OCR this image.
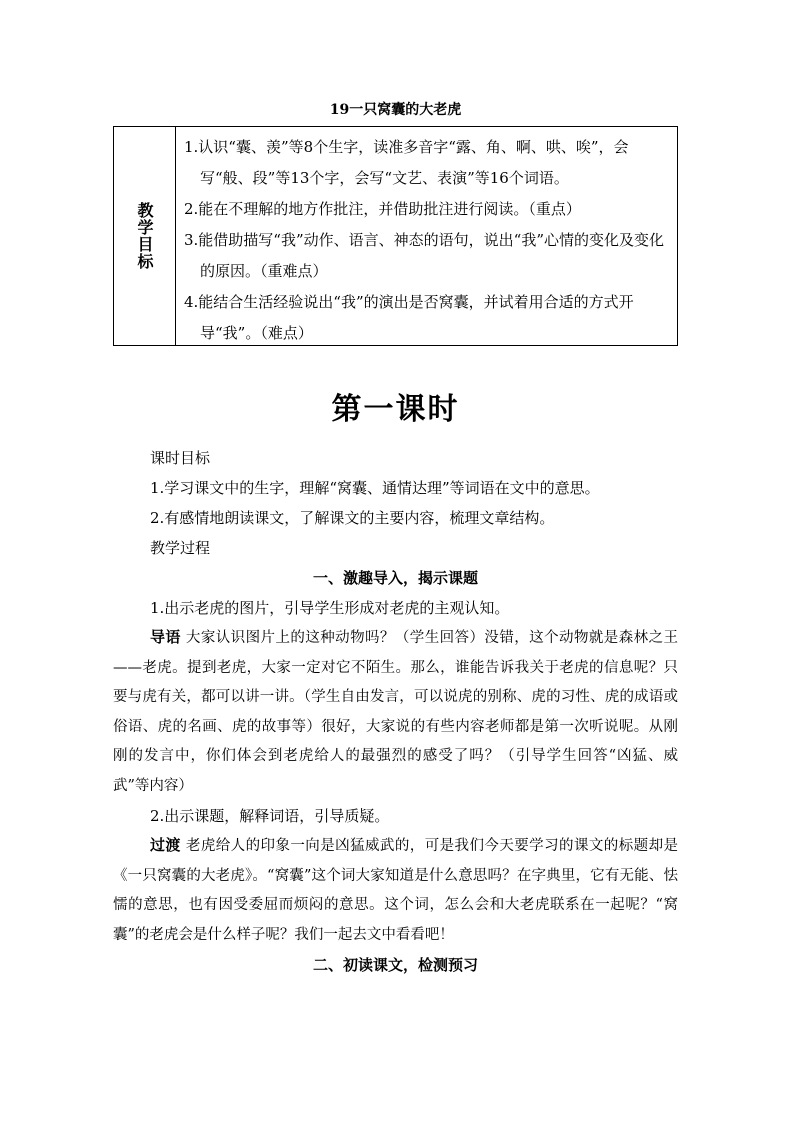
19一只窝囊的大老虎
教学目标
1.认识“囊、羡”等8个生字，读准多音字“露、角、啊、哄、唉”，会写“般、段”等13个字，会写“文艺、表演”等16个词语。
2.能在不理解的地方作批注，并借助批注进行阅读。（重点）
3.能借助描写“我”动作、语言、神态的语句，说出“我”心情的变化及变化的原因。（重难点）
4.能结合生活经验说出“我”的演出是否窝囊，并试着用合适的方式开导“我”。（难点）
第一课时
课时目标
1.学习课文中的生字，理解“窝囊、通情达理”等词语在文中的意思。
2.有感情地朗读课文，了解课文的主要内容，梳理文章结构。
教学过程
一、激趣导入，揭示课题
1.出示老虎的图片，引导学生形成对老虎的主观认知。
导语 大家认识图片上的这种动物吗？（学生回答）没错，这个动物就是森林之王——老虎。提到老虎，大家一定对它不陌生。那么，谁能告诉我关于老虎的信息呢？只要与虎有关，都可以讲一讲。（学生自由发言，可以说虎的别称、虎的习性、虎的成语或俗语、虎的名画、虎的故事等）很好，大家说的有些内容老师都是第一次听说呢。从刚刚的发言中，你们体会到老虎给人的最强烈的感受了吗？（引导学生回答“凶猛、威武”等内容）
2.出示课题，解释词语，引导质疑。
过渡 老虎给人的印象一向是凶猛威武的，可是我们今天要学习的课文的标题却是《一只窝囊的大老虎》。“窝囊”这个词大家知道是什么意思吗？在字典里，它有无能、怯懦的意思，也有因受委屈而烦闷的意思。这个词，怎么会和大老虎联系在一起呢？“窝囊”的老虎会是什么样子呢？我们一起去文中看看吧！
二、初读课文，检测预习
